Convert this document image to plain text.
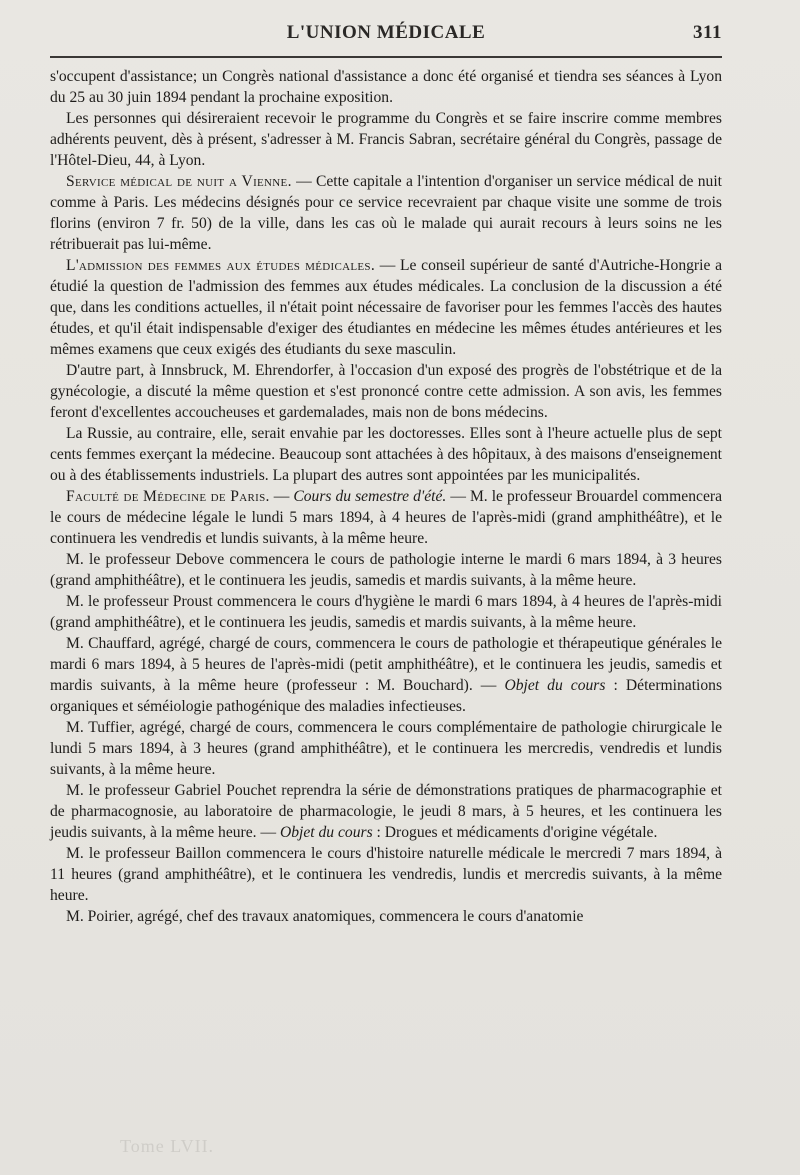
L'UNION MÉDICALE	311

s'occupent d'assistance; un Congrès national d'assistance a donc été organisé et tiendra ses séances à Lyon du 25 au 30 juin 1894 pendant la prochaine exposition.

Les personnes qui désireraient recevoir le programme du Congrès et se faire inscrire comme membres adhérents peuvent, dès à présent, s'adresser à M. Francis Sabran, secrétaire général du Congrès, passage de l'Hôtel-Dieu, 44, à Lyon.

Service médical de nuit a Vienne. — Cette capitale a l'intention d'organiser un service médical de nuit comme à Paris. Les médecins désignés pour ce service recevraient par chaque visite une somme de trois florins (environ 7 fr. 50) de la ville, dans les cas où le malade qui aurait recours à leurs soins ne les rétribuerait pas lui-même.

L'admission des femmes aux études médicales. — Le conseil supérieur de santé d'Autriche-Hongrie a étudié la question de l'admission des femmes aux études médicales. La conclusion de la discussion a été que, dans les conditions actuelles, il n'était point nécessaire de favoriser pour les femmes l'accès des hautes études, et qu'il était indispensable d'exiger des étudiantes en médecine les mêmes études antérieures et les mêmes examens que ceux exigés des étudiants du sexe masculin.

D'autre part, à Innsbruck, M. Ehrendorfer, à l'occasion d'un exposé des progrès de l'obstétrique et de la gynécologie, a discuté la même question et s'est prononcé contre cette admission. A son avis, les femmes feront d'excellentes accoucheuses et gardemalades, mais non de bons médecins.

La Russie, au contraire, elle, serait envahie par les doctoresses. Elles sont à l'heure actuelle plus de sept cents femmes exerçant la médecine. Beaucoup sont attachées à des hôpitaux, à des maisons d'enseignement ou à des établissements industriels. La plupart des autres sont appointées par les municipalités.

Faculté de Médecine de Paris. — Cours du semestre d'été. — M. le professeur Brouardel commencera le cours de médecine légale le lundi 5 mars 1894, à 4 heures de l'après-midi (grand amphithéâtre), et le continuera les vendredis et lundis suivants, à la même heure.

M. le professeur Debove commencera le cours de pathologie interne le mardi 6 mars 1894, à 3 heures (grand amphithéâtre), et le continuera les jeudis, samedis et mardis suivants, à la même heure.

M. le professeur Proust commencera le cours d'hygiène le mardi 6 mars 1894, à 4 heures de l'après-midi (grand amphithéâtre), et le continuera les jeudis, samedis et mardis suivants, à la même heure.

M. Chauffard, agrégé, chargé de cours, commencera le cours de pathologie et thérapeutique générales le mardi 6 mars 1894, à 5 heures de l'après-midi (petit amphithéâtre), et le continuera les jeudis, samedis et mardis suivants, à la même heure (professeur : M. Bouchard). — Objet du cours : Déterminations organiques et séméiologie pathogénique des maladies infectieuses.

M. Tuffier, agrégé, chargé de cours, commencera le cours complémentaire de pathologie chirurgicale le lundi 5 mars 1894, à 3 heures (grand amphithéâtre), et le continuera les mercredis, vendredis et lundis suivants, à la même heure.

M. le professeur Gabriel Pouchet reprendra la série de démonstrations pratiques de pharmacographie et de pharmacognosie, au laboratoire de pharmacologie, le jeudi 8 mars, à 5 heures, et les continuera les jeudis suivants, à la même heure. — Objet du cours : Drogues et médicaments d'origine végétale.

M. le professeur Baillon commencera le cours d'histoire naturelle médicale le mercredi 7 mars 1894, à 11 heures (grand amphithéâtre), et le continuera les vendredis, lundis et mercredis suivants, à la même heure.

M. Poirier, agrégé, chef des travaux anatomiques, commencera le cours d'anatomie

Tome LVII.
